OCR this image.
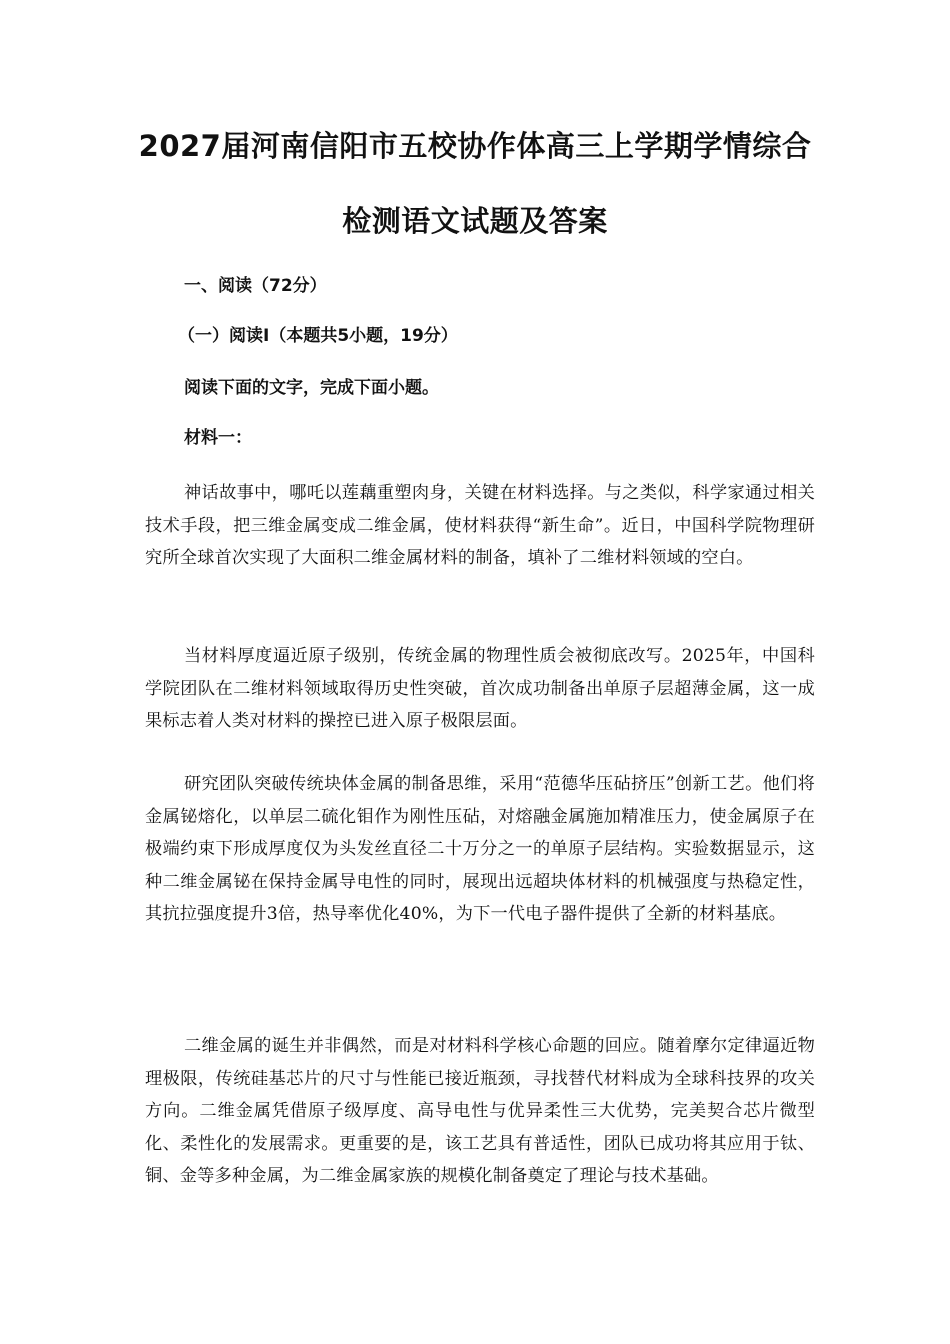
2027届河南信阳市五校协作体高三上学期学情综合
检测语文试题及答案
一、阅读（72分）
（一）阅读Ⅰ（本题共5小题，19分）
阅读下面的文字，完成下面小题。
材料一：

神话故事中，哪吒以莲藕重塑肉身，关键在材料选择。与之类似，科学家通过相关技术手段，把三维金属变成二维金属，使材料获得“新生命”。近日，中国科学院物理研究所全球首次实现了大面积二维金属材料的制备，填补了二维材料领域的空白。

当材料厚度逼近原子级别，传统金属的物理性质会被彻底改写。2025年，中国科学院团队在二维材料领域取得历史性突破，首次成功制备出单原子层超薄金属，这一成果标志着人类对材料的操控已进入原子极限层面。

研究团队突破传统块体金属的制备思维，采用“范德华压砧挤压”创新工艺。他们将金属铋熔化，以单层二硫化钼作为刚性压砧，对熔融金属施加精准压力，使金属原子在极端约束下形成厚度仅为头发丝直径二十万分之一的单原子层结构。实验数据显示，这种二维金属铋在保持金属导电性的同时，展现出远超块体材料的机械强度与热稳定性，其抗拉强度提升3倍，热导率优化40%，为下一代电子器件提供了全新的材料基底。

二维金属的诞生并非偶然，而是对材料科学核心命题的回应。随着摩尔定律逼近物理极限，传统硅基芯片的尺寸与性能已接近瓶颈，寻找替代材料成为全球科技界的攻关方向。二维金属凭借原子级厚度、高导电性与优异柔性三大优势，完美契合芯片微型化、柔性化的发展需求。更重要的是，该工艺具有普适性，团队已成功将其应用于钛、铜、金等多种金属，为二维金属家族的规模化制备奠定了理论与技术基础。
